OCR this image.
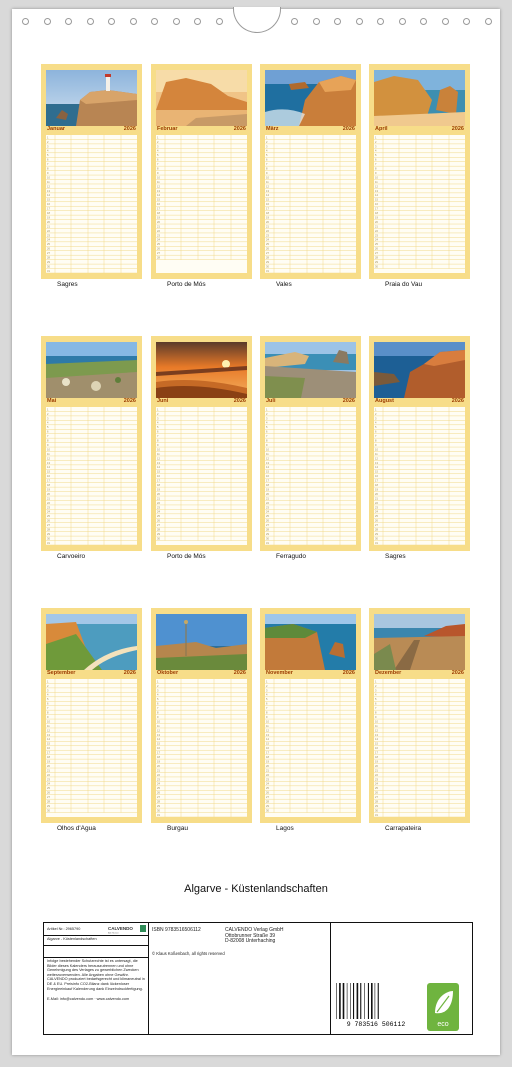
Januar	2026
1
2
3
4
5
6
7
8
9
10
11
12
13
14
15
16
17
18
19
20
21
22
23
24
25
26
27
28
29
30
31
Sagres
Februar	2026
1
2
3
4
5
6
7
8
9
10
11
12
13
14
15
16
17
18
19
20
21
22
23
24
25
26
27
28
Porto de Mós
März	2026
1
2
3
4
5
6
7
8
9
10
11
12
13
14
15
16
17
18
19
20
21
22
23
24
25
26
27
28
29
30
31
Vales
April	2026
1
2
3
4
5
6
7
8
9
10
11
12
13
14
15
16
17
18
19
20
21
22
23
24
25
26
27
28
29
30
Praia do Vau
Mai	2026
1
2
3
4
5
6
7
8
9
10
11
12
13
14
15
16
17
18
19
20
21
22
23
24
25
26
27
28
29
30
31
Carvoeiro
Juni	2026
1
2
3
4
5
6
7
8
9
10
11
12
13
14
15
16
17
18
19
20
21
22
23
24
25
26
27
28
29
30
Porto de Mós
Juli	2026
1
2
3
4
5
6
7
8
9
10
11
12
13
14
15
16
17
18
19
20
21
22
23
24
25
26
27
28
29
30
31
Ferragudo
August	2026
1
2
3
4
5
6
7
8
9
10
11
12
13
14
15
16
17
18
19
20
21
22
23
24
25
26
27
28
29
30
31
Sagres
September	2026
1
2
3
4
5
6
7
8
9
10
11
12
13
14
15
16
17
18
19
20
21
22
23
24
25
26
27
28
29
30
Olhos d'Agua
Oktober	2026
1
2
3
4
5
6
7
8
9
10
11
12
13
14
15
16
17
18
19
20
21
22
23
24
25
26
27
28
29
30
31
Burgau
November	2026
1
2
3
4
5
6
7
8
9
10
11
12
13
14
15
16
17
18
19
20
21
22
23
24
25
26
27
28
29
30
Lagos
Dezember	2026
1
2
3
4
5
6
7
8
9
10
11
12
13
14
15
16
17
18
19
20
21
22
23
24
25
26
27
28
29
30
31
Carrapateira
Algarve - Küstenlandschaften
Artikel Nr.: 2965790	CALVENDO
Alle Motive
Algarve - Küstenlandschaften
Infolge bestehender Schutzrechte ist es untersagt, die Bilder dieses Kalenders herauszutrennen und ohne Genehmigung des Verlages zu gewerblichen Zwecken weiterzuverwenden. Alle Angaben ohne Gewähr. CALVENDO produziert bedarfsgerecht und klimaneutral in DE & EU. Preisinfo CO2-Bilanz dank lückenloser Energieeinkauf Kalenderung dank Einzelndruckfertigung.
E-Mail: info@calvendo.com · www.calvendo.com
ISBN 9783516506112	CALVENDO Verlag GmbH
Ottobrunner Straße 39
D-82008 Unterhaching
© Klaus Koßenbach, all rights reserved
9 783516 506112	eco
